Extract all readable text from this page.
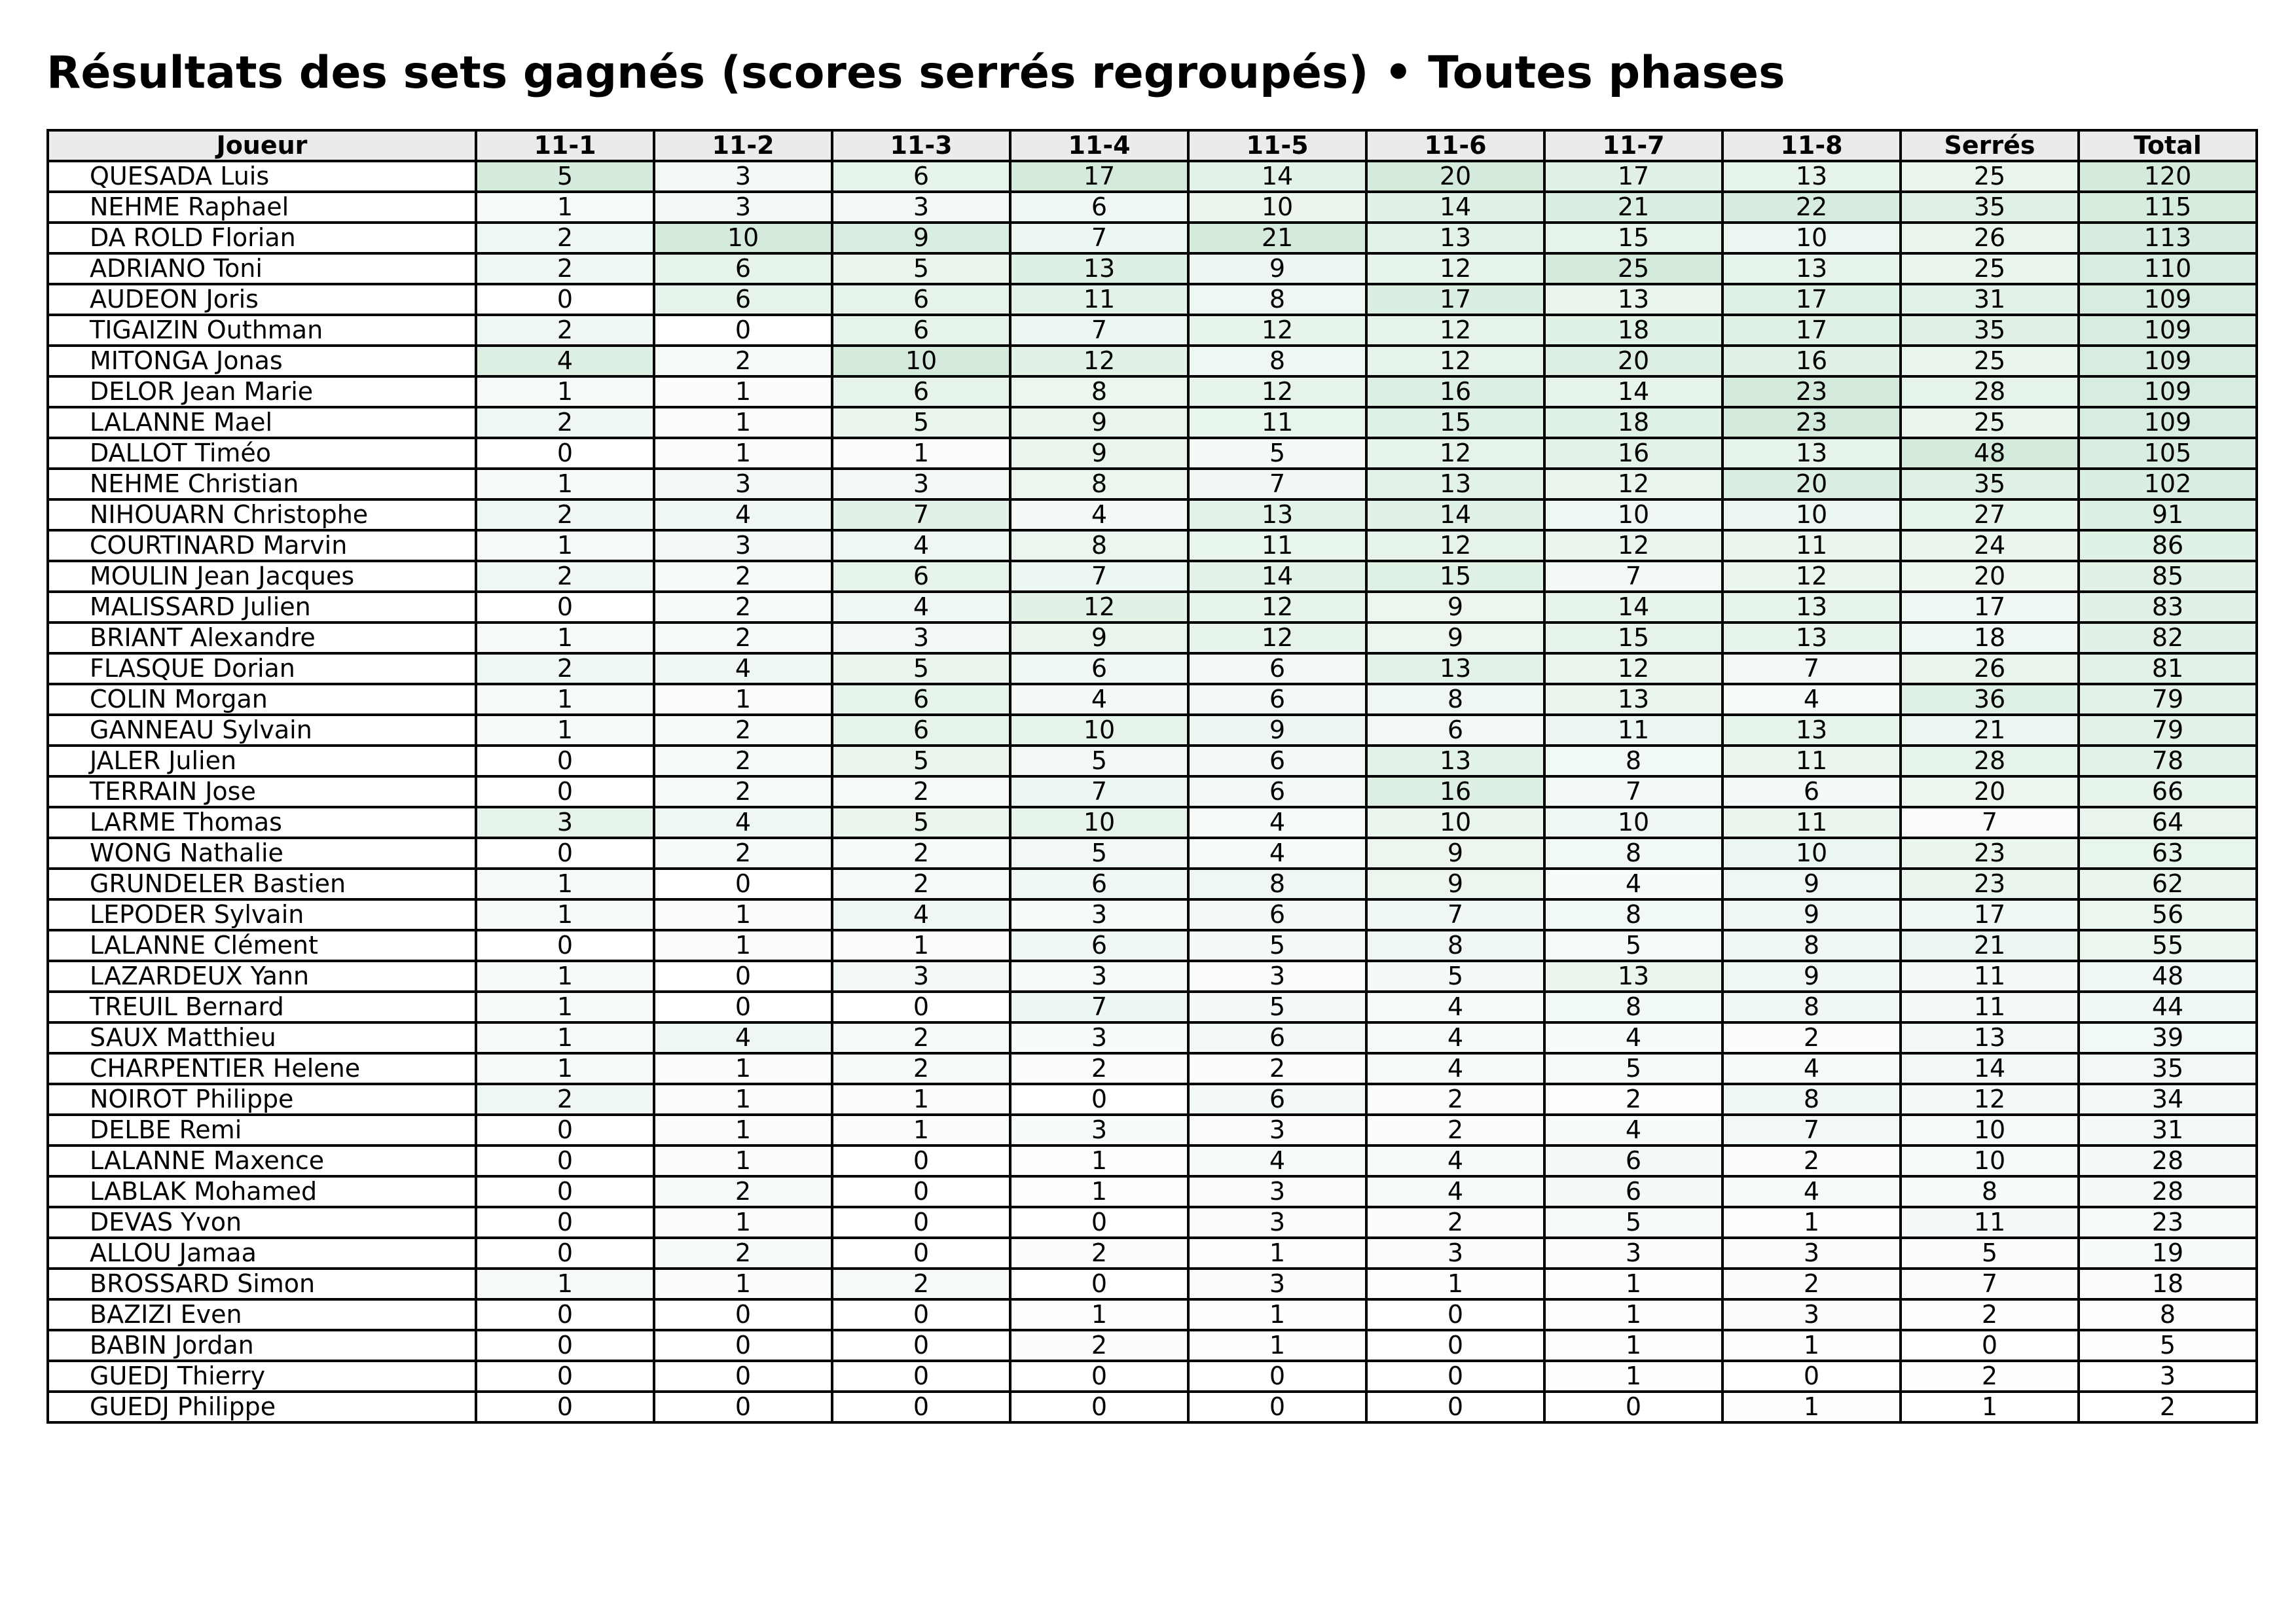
Résultats des sets gagnés (scores serrés regroupés) • Toutes phases
Joueur	11-1	11-2	11-3	11-4	11-5	11-6	11-7	11-8	Serrés	Total
QUESADA Luis	5	3	6	17	14	20	17	13	25	120
NEHME Raphael	1	3	3	6	10	14	21	22	35	115
DA ROLD Florian	2	10	9	7	21	13	15	10	26	113
ADRIANO Toni	2	6	5	13	9	12	25	13	25	110
AUDEON Joris	0	6	6	11	8	17	13	17	31	109
TIGAIZIN Outhman	2	0	6	7	12	12	18	17	35	109
MITONGA Jonas	4	2	10	12	8	12	20	16	25	109
DELOR Jean Marie	1	1	6	8	12	16	14	23	28	109
LALANNE Mael	2	1	5	9	11	15	18	23	25	109
DALLOT Timéo	0	1	1	9	5	12	16	13	48	105
NEHME Christian	1	3	3	8	7	13	12	20	35	102
NIHOUARN Christophe	2	4	7	4	13	14	10	10	27	91
COURTINARD Marvin	1	3	4	8	11	12	12	11	24	86
MOULIN Jean Jacques	2	2	6	7	14	15	7	12	20	85
MALISSARD Julien	0	2	4	12	12	9	14	13	17	83
BRIANT Alexandre	1	2	3	9	12	9	15	13	18	82
FLASQUE Dorian	2	4	5	6	6	13	12	7	26	81
COLIN Morgan	1	1	6	4	6	8	13	4	36	79
GANNEAU Sylvain	1	2	6	10	9	6	11	13	21	79
JALER Julien	0	2	5	5	6	13	8	11	28	78
TERRAIN Jose	0	2	2	7	6	16	7	6	20	66
LARME Thomas	3	4	5	10	4	10	10	11	7	64
WONG Nathalie	0	2	2	5	4	9	8	10	23	63
GRUNDELER Bastien	1	0	2	6	8	9	4	9	23	62
LEPODER Sylvain	1	1	4	3	6	7	8	9	17	56
LALANNE Clément	0	1	1	6	5	8	5	8	21	55
LAZARDEUX Yann	1	0	3	3	3	5	13	9	11	48
TREUIL Bernard	1	0	0	7	5	4	8	8	11	44
SAUX Matthieu	1	4	2	3	6	4	4	2	13	39
CHARPENTIER Helene	1	1	2	2	2	4	5	4	14	35
NOIROT Philippe	2	1	1	0	6	2	2	8	12	34
DELBE Remi	0	1	1	3	3	2	4	7	10	31
LALANNE Maxence	0	1	0	1	4	4	6	2	10	28
LABLAK Mohamed	0	2	0	1	3	4	6	4	8	28
DEVAS Yvon	0	1	0	0	3	2	5	1	11	23
ALLOU Jamaa	0	2	0	2	1	3	3	3	5	19
BROSSARD Simon	1	1	2	0	3	1	1	2	7	18
BAZIZI Even	0	0	0	1	1	0	1	3	2	8
BABIN Jordan	0	0	0	2	1	0	1	1	0	5
GUEDJ Thierry	0	0	0	0	0	0	1	0	2	3
GUEDJ Philippe	0	0	0	0	0	0	0	1	1	2
